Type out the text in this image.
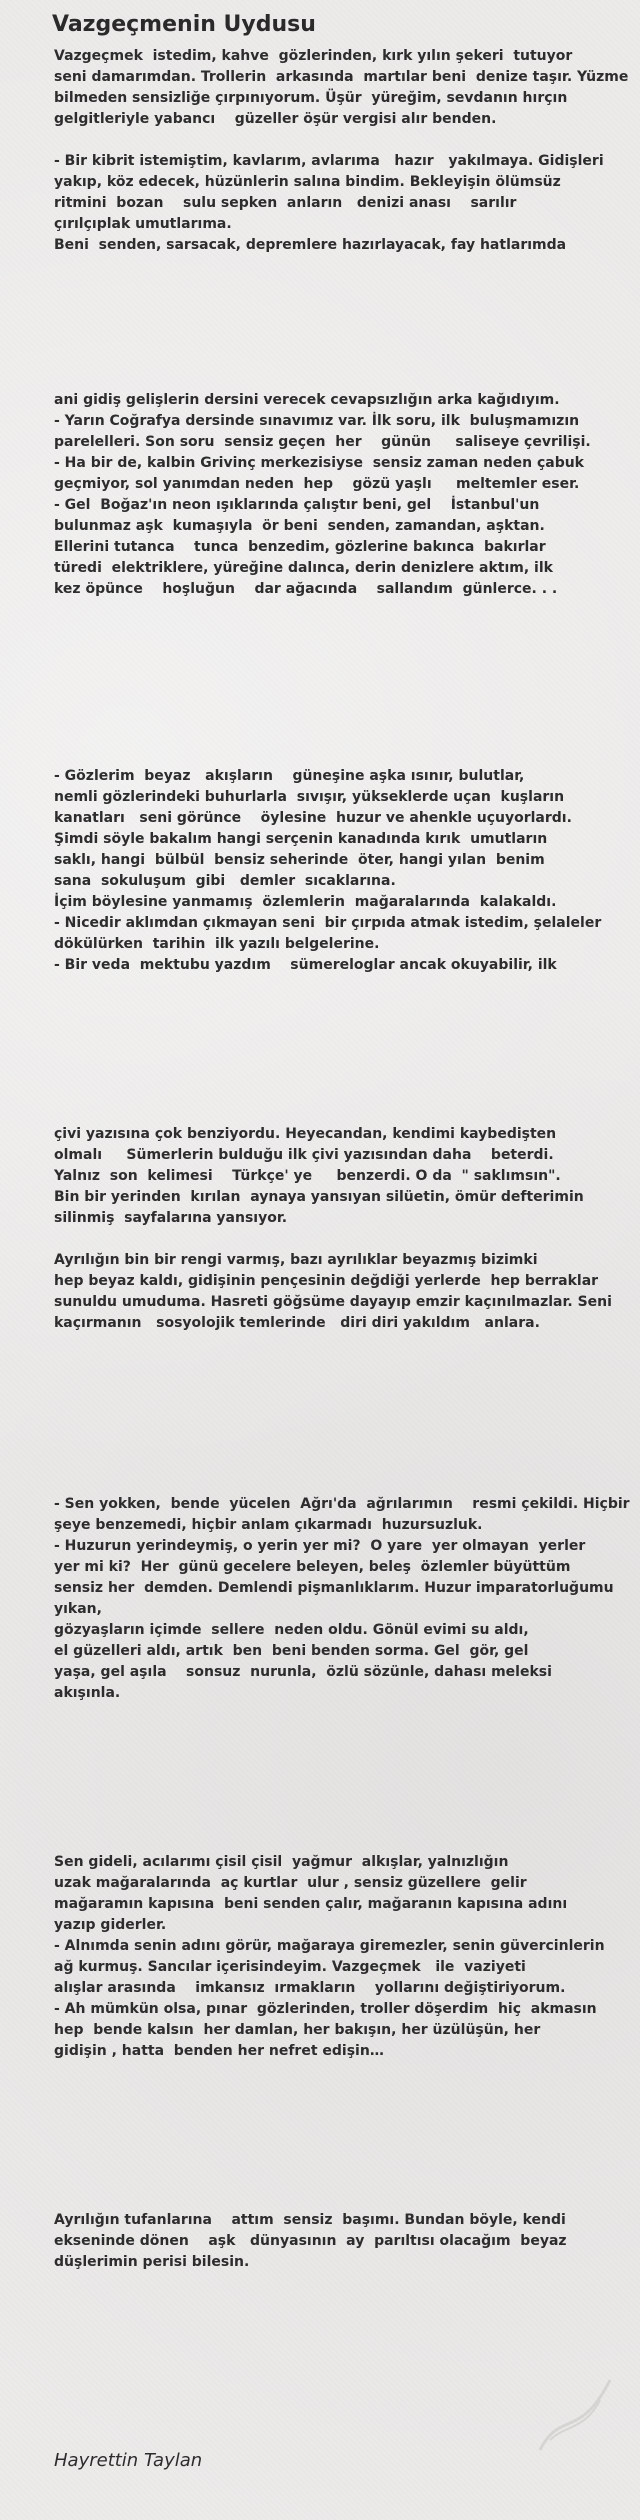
Vazgeçmenin Uydusu
Vazgeçmek  istedim, kahve  gözlerinden, kırk yılın şekeri  tutuyor
seni damarımdan. Trollerin  arkasında  martılar beni  denize taşır. Yüzme
bilmeden sensizliğe çırpınıyorum. Üşür  yüreğim, sevdanın hırçın
gelgitleriyle yabancı    güzeller öşür vergisi alır benden.
- Bir kibrit istemiştim, kavlarım, avlarıma   hazır   yakılmaya. Gidişleri
yakıp, köz edecek, hüzünlerin salına bindim. Bekleyişin ölümsüz
ritmini  bozan    sulu sepken  anların   denizi anası    sarılır
çırılçıplak umutlarıma.
Beni  senden, sarsacak, depremlere hazırlayacak, fay hatlarımda
ani gidiş gelişlerin dersini verecek cevapsızlığın arka kağıdıyım.
- Yarın Coğrafya dersinde sınavımız var. İlk soru, ilk  buluşmamızın
parelelleri. Son soru  sensiz geçen  her    günün     saliseye çevrilişi.
- Ha bir de, kalbin Grivinç merkezisiyse  sensiz zaman neden çabuk
geçmiyor, sol yanımdan neden  hep    gözü yaşlı     meltemler eser.
- Gel  Boğaz'ın neon ışıklarında çalıştır beni, gel    İstanbul'un
bulunmaz aşk  kumaşıyla  ör beni  senden, zamandan, aşktan.
Ellerini tutanca    tunca  benzedim, gözlerine bakınca  bakırlar
türedi  elektriklere, yüreğine dalınca, derin denizlere aktım, ilk
kez öpünce    hoşluğun    dar ağacında    sallandım  günlerce. . .
- Gözlerim  beyaz   akışların    güneşine aşka ısınır, bulutlar,
nemli gözlerindeki buhurlarla  sıvışır, yükseklerde uçan  kuşların
kanatları   seni görünce    öylesine  huzur ve ahenkle uçuyorlardı.
Şimdi söyle bakalım hangi serçenin kanadında kırık  umutların
saklı, hangi  bülbül  bensiz seherinde  öter, hangi yılan  benim
sana  sokuluşum  gibi   demler  sıcaklarına.
İçim böylesine yanmamış  özlemlerin  mağaralarında  kalakaldı.
- Nicedir aklımdan çıkmayan seni  bir çırpıda atmak istedim, şelaleler
dökülürken  tarihin  ilk yazılı belgelerine.
- Bir veda  mektubu yazdım    sümereloglar ancak okuyabilir, ilk
çivi yazısına çok benziyordu. Heyecandan, kendimi kaybedişten
olmalı     Sümerlerin bulduğu ilk çivi yazısından daha    beterdi.
Yalnız  son  kelimesi    Türkçe' ye     benzerdi. O da  " saklımsın".
Bin bir yerinden  kırılan  aynaya yansıyan silüetin, ömür defterimin
silinmiş  sayfalarına yansıyor.
Ayrılığın bin bir rengi varmış, bazı ayrılıklar beyazmış bizimki
hep beyaz kaldı, gidişinin pençesinin değdiği yerlerde  hep berraklar
sunuldu umuduma. Hasreti göğsüme dayayıp emzir kaçınılmazlar. Seni
kaçırmanın   sosyolojik temlerinde   diri diri yakıldım   anlara.
- Sen yokken,  bende  yücelen  Ağrı'da  ağrılarımın    resmi çekildi. Hiçbir
şeye benzemedi, hiçbir anlam çıkarmadı  huzursuzluk.
- Huzurun yerindeymiş, o yerin yer mi?  O yare  yer olmayan  yerler
yer mi ki?  Her  günü gecelere beleyen, beleş  özlemler büyüttüm
sensiz her  demden. Demlendi pişmanlıklarım. Huzur imparatorluğumu
yıkan,
gözyaşların içimde  sellere  neden oldu. Gönül evimi su aldı,
el güzelleri aldı, artık  ben  beni benden sorma. Gel  gör, gel
yaşa, gel aşıla    sonsuz  nurunla,  özlü sözünle, dahası meleksi
akışınla.
Sen gideli, acılarımı çisil çisil  yağmur  alkışlar, yalnızlığın
uzak mağaralarında  aç kurtlar  ulur , sensiz güzellere  gelir
mağaramın kapısına  beni senden çalır, mağaranın kapısına adını
yazıp giderler.
- Alnımda senin adını görür, mağaraya giremezler, senin güvercinlerin
ağ kurmuş. Sancılar içerisindeyim. Vazgeçmek   ile  vaziyeti
alışlar arasında    imkansız  ırmakların    yollarını değiştiriyorum.
- Ah mümkün olsa, pınar  gözlerinden, troller döşerdim  hiç  akmasın
hep  bende kalsın  her damlan, her bakışın, her üzülüşün, her
gidişin , hatta  benden her nefret edişin…
Ayrılığın tufanlarına    attım  sensiz  başımı. Bundan böyle, kendi
ekseninde dönen    aşk   dünyasının  ay  parıltısı olacağım  beyaz
düşlerimin perisi bilesin.
Hayrettin Taylan
